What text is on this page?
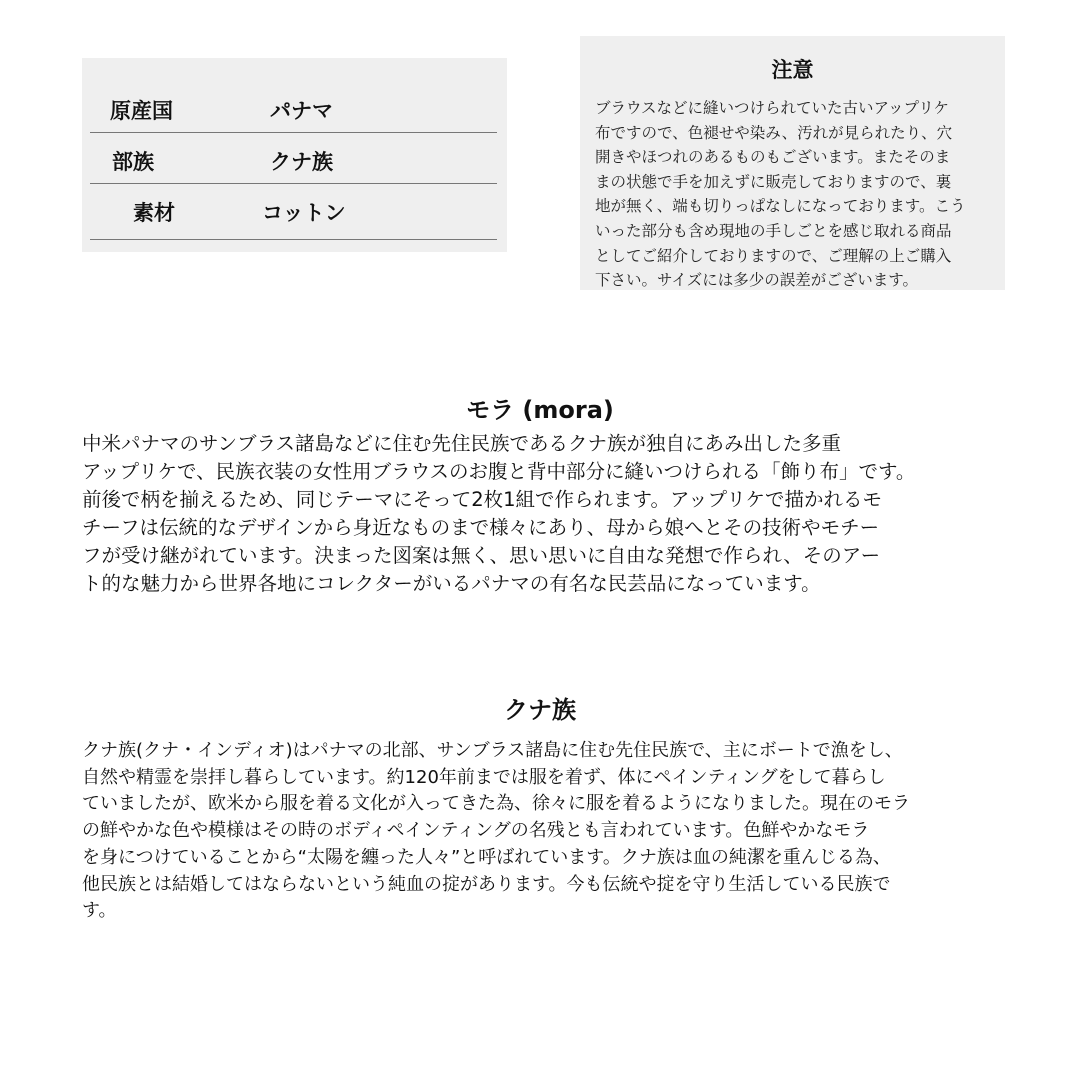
原産国	パナマ
部族	クナ族
素材	コットン
注意
ブラウスなどに縫いつけられていた古いアップリケ
布ですので、色褪せや染み、汚れが見られたり、穴
開きやほつれのあるものもございます。またそのま
まの状態で手を加えずに販売しておりますので、裏
地が無く、端も切りっぱなしになっております。こう
いった部分も含め現地の手しごとを感じ取れる商品
としてご紹介しておりますので、ご理解の上ご購入
下さい。サイズには多少の誤差がございます。
モラ (mora)
中米パナマのサンブラス諸島などに住む先住民族であるクナ族が独自にあみ出した多重
アップリケで、民族衣装の女性用ブラウスのお腹と背中部分に縫いつけられる「飾り布」です。
前後で柄を揃えるため、同じテーマにそって2枚1組で作られます。アップリケで描かれるモ
チーフは伝統的なデザインから身近なものまで様々にあり、母から娘へとその技術やモチー
フが受け継がれています。決まった図案は無く、思い思いに自由な発想で作られ、そのアー
ト的な魅力から世界各地にコレクターがいるパナマの有名な民芸品になっています。
クナ族
クナ族(クナ・インディオ)はパナマの北部、サンブラス諸島に住む先住民族で、主にボートで漁をし、
自然や精霊を崇拝し暮らしています。約120年前までは服を着ず、体にペインティングをして暮らし
ていましたが、欧米から服を着る文化が入ってきた為、徐々に服を着るようになりました。現在のモラ
の鮮やかな色や模様はその時のボディペインティングの名残とも言われています。色鮮やかなモラ
を身につけていることから“太陽を纏った人々”と呼ばれています。クナ族は血の純潔を重んじる為、
他民族とは結婚してはならないという純血の掟があります。今も伝統や掟を守り生活している民族で
す。
